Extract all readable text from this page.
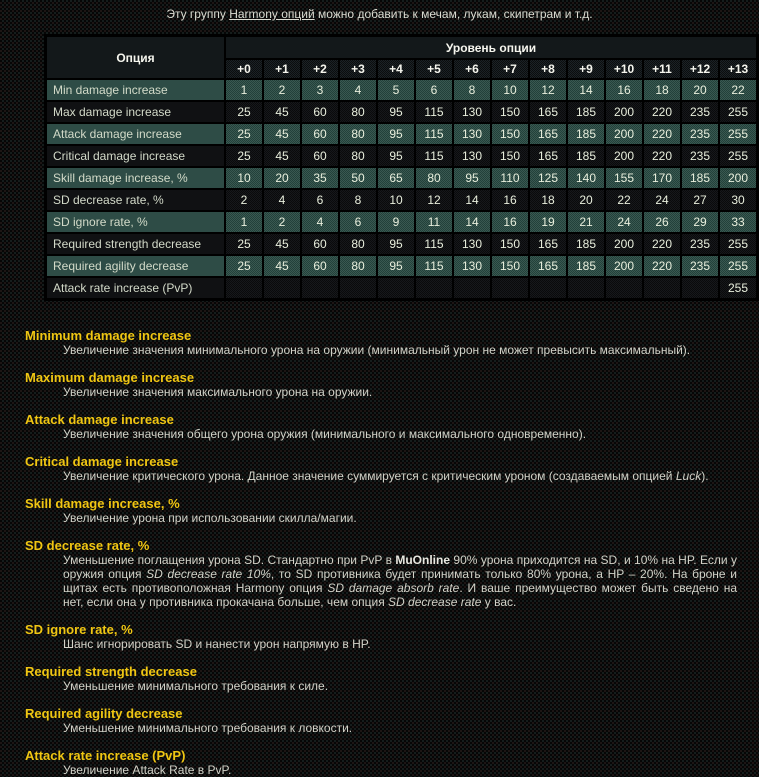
Эту группу Harmony опций можно добавить к мечам, лукам, скипетрам и т.д.
Опция	Уровень опции													
	+0	+1	+2	+3	+4	+5	+6	+7	+8	+9	+10	+11	+12	+13
Min damage increase	1	2	3	4	5	6	8	10	12	14	16	18	20	22
Max damage increase	25	45	60	80	95	115	130	150	165	185	200	220	235	255
Attack damage increase	25	45	60	80	95	115	130	150	165	185	200	220	235	255
Critical damage increase	25	45	60	80	95	115	130	150	165	185	200	220	235	255
Skill damage increase, %	10	20	35	50	65	80	95	110	125	140	155	170	185	200
SD decrease rate, %	2	4	6	8	10	12	14	16	18	20	22	24	27	30
SD ignore rate, %	1	2	4	6	9	11	14	16	19	21	24	26	29	33
Required strength decrease	25	45	60	80	95	115	130	150	165	185	200	220	235	255
Required agility decrease	25	45	60	80	95	115	130	150	165	185	200	220	235	255
Attack rate increase (PvP)														255
Minimum damage increase

Увеличение значения минимального урона на оружии (минимальный урон не может превысить максимальный).

Maximum damage increase

Увеличение значения максимального урона на оружии.

Attack damage increase

Увеличение значения общего урона оружия (минимального и максимального одновременно).

Critical damage increase

Увеличение критического урона. Данное значение суммируется с критическим уроном (создаваемым опцией Luck).

Skill damage increase, %

Увеличение урона при использовании скилла/магии.

SD decrease rate, %

Уменьшение поглащения урона SD. Стандартно при PvP в MuOnline 90% урона приходится на SD, и 10% на HP. Если у оружия опция SD decrease rate 10%, то SD противника будет принимать только 80% урона, а HP – 20%. На броне и щитах есть противоположная Harmony опция SD damage absorb rate. И ваше преимущество может быть сведено на нет, если она у противника прокачана больше, чем опция SD decrease rate у вас.

SD ignore rate, %

Шанс игнорировать SD и нанести урон напрямую в HP.

Required strength decrease

Уменьшение минимального требования к силе.

Required agility decrease

Уменьшение минимального требования к ловкости.

Attack rate increase (PvP)

Увеличение Attack Rate в PvP.
